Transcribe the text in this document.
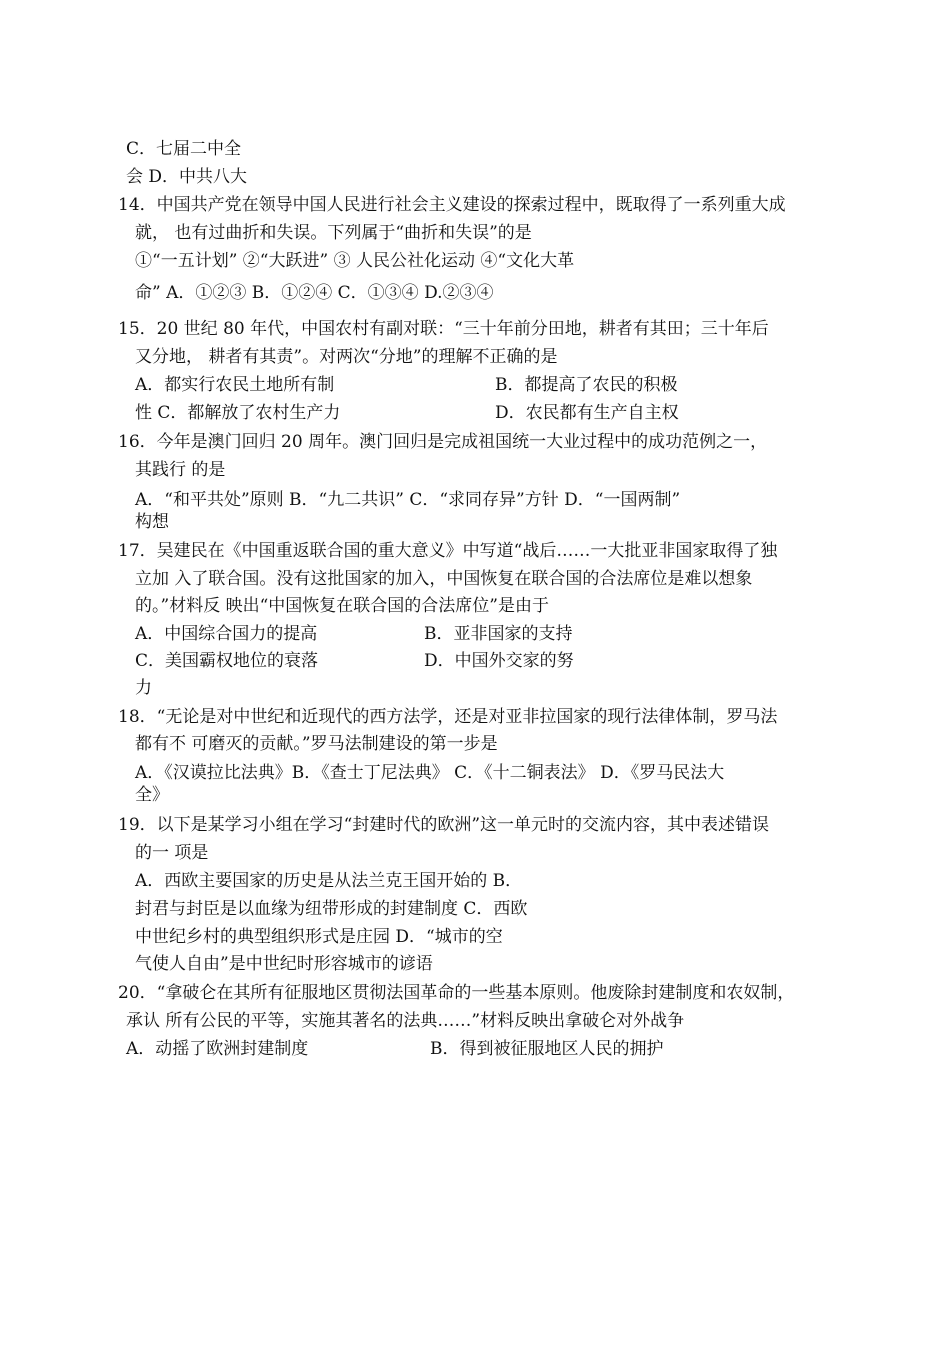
C．七届二中全
会 D．中共八大
14．中国共产党在领导中国人民进行社会主义建设的探索过程中，既取得了一系列重大成
就， 也有过曲折和失误。下列属于“曲折和失误”的是
①“一五计划” ②“大跃进” ③ 人民公社化运动 ④“文化大革
命” A．①②③ B．①②④ C．①③④ D.②③④
15．20 世纪 80 年代，中国农村有副对联：“三十年前分田地，耕者有其田；三十年后
又分地， 耕者有其责”。对两次“分地”的理解不正确的是
A．都实行农民土地所有制	B．都提高了农民的积极
性 C．都解放了农村生产力	D．农民都有生产自主权
16．今年是澳门回归 20 周年。澳门回归是完成祖国统一大业过程中的成功范例之一，
其践行 的是
A．“和平共处”原则 B．“九二共识” C．“求同存异”方针 D．“一国两制”
构想
17．吴建民在《中国重返联合国的重大意义》中写道“战后……一大批亚非国家取得了独
立加 入了联合国。没有这批国家的加入，中国恢复在联合国的合法席位是难以想象
的。”材料反 映出“中国恢复在联合国的合法席位”是由于
A．中国综合国力的提高	B．亚非国家的支持
C．美国霸权地位的衰落	D．中国外交家的努
力
18．“无论是对中世纪和近现代的西方法学，还是对亚非拉国家的现行法律体制，罗马法
都有不 可磨灭的贡献。”罗马法制建设的第一步是
A．《汉谟拉比法典》B．《查士丁尼法典》 C．《十二铜表法》 D．《罗马民法大
全》
19．以下是某学习小组在学习“封建时代的欧洲”这一单元时的交流内容，其中表述错误
的一 项是
A．西欧主要国家的历史是从法兰克王国开始的 B．
封君与封臣是以血缘为纽带形成的封建制度 C．西欧
中世纪乡村的典型组织形式是庄园 D．“城市的空
气使人自由”是中世纪时形容城市的谚语
20．“拿破仑在其所有征服地区贯彻法国革命的一些基本原则。他废除封建制度和农奴制，
承认 所有公民的平等，实施其著名的法典……”材料反映出拿破仑对外战争
A．动摇了欧洲封建制度	B．得到被征服地区人民的拥护
